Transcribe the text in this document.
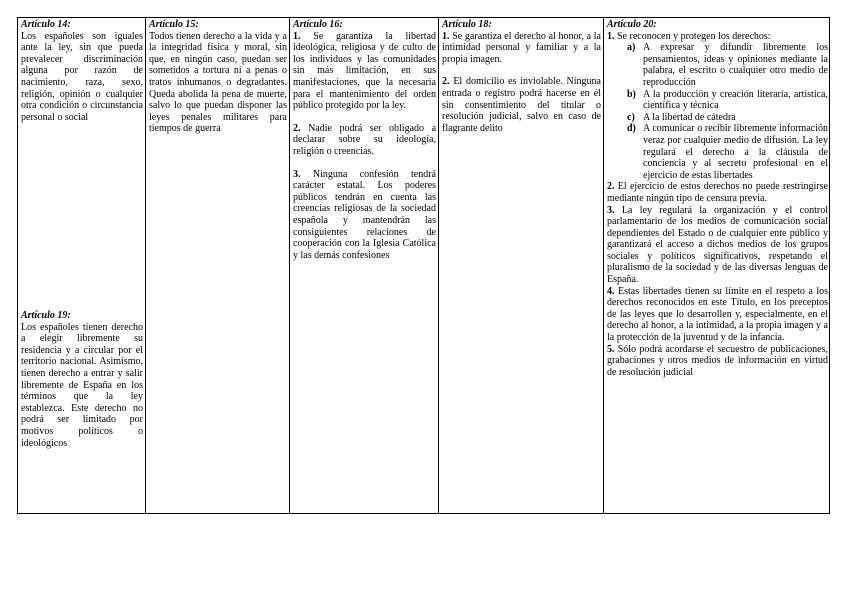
Artículo 14:

Los españoles son iguales ante la ley, sin que pueda prevalecer discriminación alguna por razón de nacimiento, raza, sexo, religión, opinión o cualquier otra condición o circunstancia personal o social

Artículo 19:

Los españoles tienen derecho a elegir libremente su residencia y a circular por el territorio nacional. Asimismo, tienen derecho a entrar y salir libremente de España en los términos que la ley establezca. Este derecho no podrá ser limitado por motivos políticos o ideológicos

Artículo 15:

Todos tienen derecho a la vida y a la integridad física y moral, sin que, en ningún caso, puedan ser sometidos a tortura ni a penas o tratos inhumanos o degradantes. Queda abolida la pena de muerte, salvo lo que puedan disponer las leyes penales militares para tiempos de guerra

Artículo 16:

1. Se garantiza la libertad ideológica, religiosa y de culto de los individuos y las comunidades sin más limitación, en sus manifestaciones, que la necesaria para el mantenimiento del orden público protegido por la ley.

2. Nadie podrá ser obligado a declarar sobre su ideología, religión o creencias.

3. Ninguna confesión tendrá carácter estatal. Los poderes públicos tendrán en cuenta las creencias religiosas de la sociedad española y mantendrán las consiguientes relaciones de cooperación con la Iglesia Católica y las demás confesiones

Artículo 18:

1. Se garantiza el derecho al honor, a la intimidad personal y familiar y a la propia imagen.

2. El domicilio es inviolable. Ninguna entrada o registro podrá hacerse en él sin consentimiento del titular o resolución judicial, salvo en caso de flagrante delito

Artículo 20:

1. Se reconocen y protegen los derechos:

a) A expresar y difundir libremente los pensamientos, ideas y opiniones mediante la palabra, el escrito o cualquier otro medio de reproducción
b) A la producción y creación literaria, artística, científica y técnica
c) A la libertad de cátedra
d) A comunicar o recibir libremente información veraz por cualquier medio de difusión. La ley regulará el derecho a la cláusula de conciencia y al secreto profesional en el ejercicio de estas libertades

2. El ejercicio de estos derechos no puede restringirse mediante ningún tipo de censura previa.

3. La ley regulará la organización y el control parlamentario de los medios de comunicación social dependientes del Estado o de cualquier ente público y garantizará el acceso a dichos medios de los grupos sociales y políticos significativos, respetando el pluralismo de la sociedad y de las diversas lenguas de España.

4. Estas libertades tienen su límite en el respeto a los derechos reconocidos en este Título, en los preceptos de las leyes que lo desarrollen y, especialmente, en el derecho al honor, a la intimidad, a la propia imagen y a la protección de la juventud y de la infancia.

5. Sólo podrá acordarse el secuestro de publicaciones, grabaciones y otros medios de información en virtud de resolución judicial
